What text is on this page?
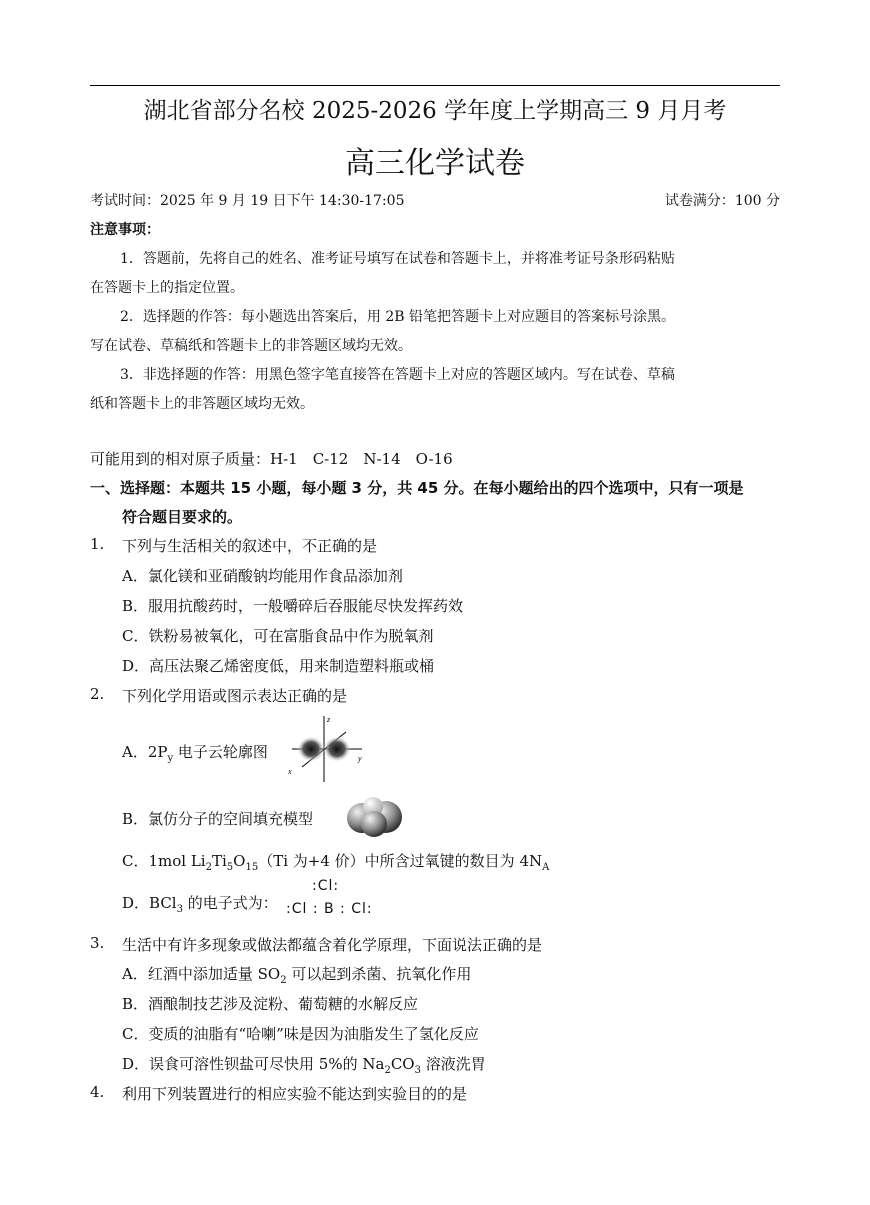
湖北省部分名校 2025-2026 学年度上学期高三 9 月月考
高三化学试卷
考试时间：2025 年 9 月 19 日下午 14:30-17:05	试卷满分：100 分
注意事项：
1．答题前，先将自己的姓名、准考证号填写在试卷和答题卡上，并将准考证号条形码粘贴
在答题卡上的指定位置。
2．选择题的作答：每小题选出答案后，用 2B 铅笔把答题卡上对应题目的答案标号涂黑。
写在试卷、草稿纸和答题卡上的非答题区域均无效。
3．非选择题的作答：用黑色签字笔直接答在答题卡上对应的答题区域内。写在试卷、草稿
纸和答题卡上的非答题区域均无效。
可能用到的相对原子质量：H-1　C-12　N-14　O-16
一、选择题：本题共 15 小题，每小题 3 分，共 45 分。在每小题给出的四个选项中，只有一项是
符合题目要求的。
1. 下列与生活相关的叙述中，不正确的是
A．氯化镁和亚硝酸钠均能用作食品添加剂
B．服用抗酸药时，一般嚼碎后吞服能尽快发挥药效
C．铁粉易被氧化，可在富脂食品中作为脱氧剂
D．高压法聚乙烯密度低，用来制造塑料瓶或桶
2. 下列化学用语或图示表达正确的是
A．$2P_y$ 电子云轮廓图
z
x
y
B．氯仿分子的空间填充模型
C．1mol $Li_2Ti_5O_{15}(Ti$ 为+4 价）中所含过氧键的数目为 $4N_A$
D．BCl$_3$ 的电子式为：
:Cl:
:Cl : B : Cl:
3. 生活中有许多现象或做法都蕴含着化学原理，下面说法正确的是
A．红酒中添加适量 $SO_2$ 可以起到杀菌、抗氧化作用
B．酒酿制技艺涉及淀粉、葡萄糖的水解反应
C．变质的油脂有“哈喇”味是因为油脂发生了氢化反应
D．误食可溶性钡盐可尽快用 5%的 $Na_2CO_3$ 溶液洗胃
4. 利用下列装置进行的相应实验不能达到实验目的的是
